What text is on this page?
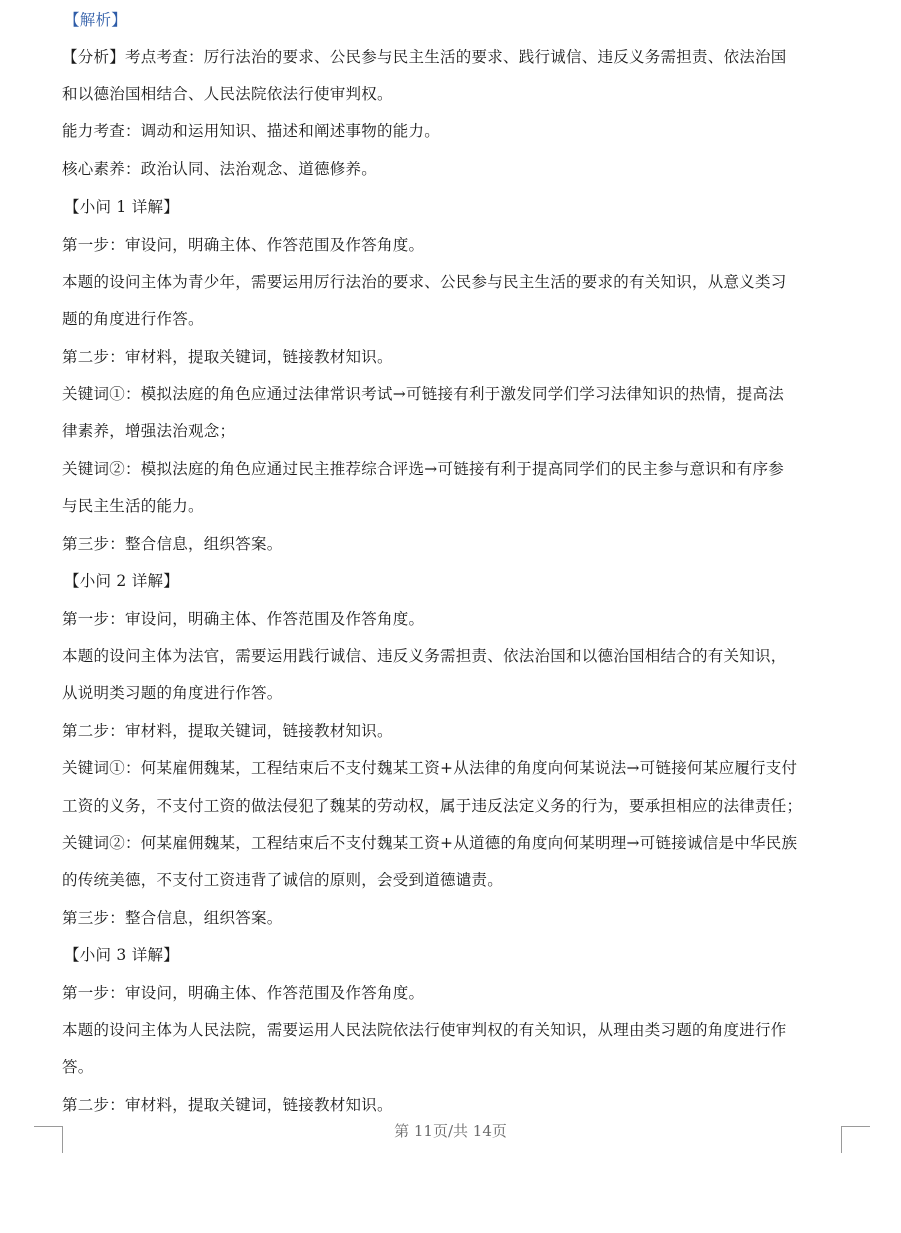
【解析】
【分析】考点考查：厉行法治的要求、公民参与民主生活的要求、践行诚信、违反义务需担责、依法治国
和以德治国相结合、人民法院依法行使审判权。
能力考查：调动和运用知识、描述和阐述事物的能力。
核心素养：政治认同、法治观念、道德修养。
【小问 1 详解】
第一步：审设问，明确主体、作答范围及作答角度。
本题的设问主体为青少年，需要运用厉行法治的要求、公民参与民主生活的要求的有关知识，从意义类习
题的角度进行作答。
第二步：审材料，提取关键词，链接教材知识。
关键词①：模拟法庭的角色应通过法律常识考试→可链接有利于激发同学们学习法律知识的热情，提高法
律素养，增强法治观念；
关键词②：模拟法庭的角色应通过民主推荐综合评选→可链接有利于提高同学们的民主参与意识和有序参
与民主生活的能力。
第三步：整合信息，组织答案。
【小问 2 详解】
第一步：审设问，明确主体、作答范围及作答角度。
本题的设问主体为法官，需要运用践行诚信、违反义务需担责、依法治国和以德治国相结合的有关知识，
从说明类习题的角度进行作答。
第二步：审材料，提取关键词，链接教材知识。
关键词①：何某雇佣魏某，工程结束后不支付魏某工资+从法律的角度向何某说法→可链接何某应履行支付
工资的义务，不支付工资的做法侵犯了魏某的劳动权，属于违反法定义务的行为，要承担相应的法律责任；
关键词②：何某雇佣魏某，工程结束后不支付魏某工资+从道德的角度向何某明理→可链接诚信是中华民族
的传统美德，不支付工资违背了诚信的原则，会受到道德谴责。
第三步：整合信息，组织答案。
【小问 3 详解】
第一步：审设问，明确主体、作答范围及作答角度。
本题的设问主体为人民法院，需要运用人民法院依法行使审判权的有关知识，从理由类习题的角度进行作
答。
第二步：审材料，提取关键词，链接教材知识。
第 11页/共 14页
